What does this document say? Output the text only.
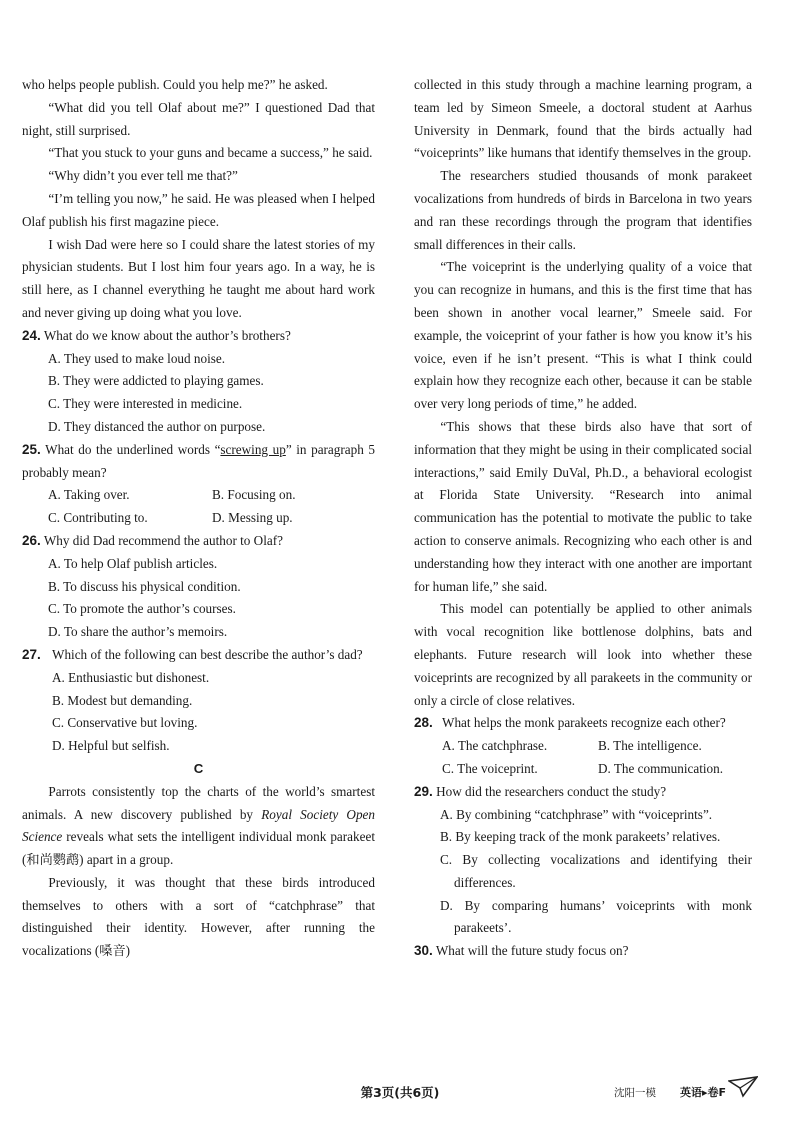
who helps people publish. Could you help me?” he asked.

“What did you tell Olaf about me?” I questioned Dad that night, still surprised.

“That you stuck to your guns and became a success,” he said.

“Why didn’t you ever tell me that?”

“I’m telling you now,” he said. He was pleased when I helped Olaf publish his first magazine piece.

I wish Dad were here so I could share the latest stories of my physician students. But I lost him four years ago. In a way, he is still here, as I channel everything he taught me about hard work and never giving up doing what you love.

24. What do we know about the author’s brothers?
A. They used to make loud noise.
B. They were addicted to playing games.
C. They were interested in medicine.
D. They distanced the author on purpose.
25. What do the underlined words “screwing up” in paragraph 5 probably mean?
A. Taking over.	B. Focusing on.
C. Contributing to.	D. Messing up.
26. Why did Dad recommend the author to Olaf?
A. To help Olaf publish articles.
B. To discuss his physical condition.
C. To promote the author’s courses.
D. To share the author’s memoirs.
27. Which of the following can best describe the author’s dad?
A. Enthusiastic but dishonest.
B. Modest but demanding.
C. Conservative but loving.
D. Helpful but selfish.
C

Parrots consistently top the charts of the world’s smartest animals. A new discovery published by Royal Society Open Science reveals what sets the intelligent individual monk parakeet (和尚鹦鹉) apart in a group.

Previously, it was thought that these birds introduced themselves to others with a sort of “catchphrase” that distinguished their identity. However, after running the vocalizations (嗓音)

collected in this study through a machine learning program, a team led by Simeon Smeele, a doctoral student at Aarhus University in Denmark, found that the birds actually had “voiceprints” like humans that identify themselves in the group.

The researchers studied thousands of monk parakeet vocalizations from hundreds of birds in Barcelona in two years and ran these recordings through the program that identifies small differences in their calls.

“The voiceprint is the underlying quality of a voice that you can recognize in humans, and this is the first time that has been shown in another vocal learner,” Smeele said. For example, the voiceprint of your father is how you know it’s his voice, even if he isn’t present. “This is what I think could explain how they recognize each other, because it can be stable over very long periods of time,” he added.

“This shows that these birds also have that sort of information that they might be using in their complicated social interactions,” said Emily DuVal, Ph.D., a behavioral ecologist at Florida State University. “Research into animal communication has the potential to motivate the public to take action to conserve animals. Recognizing who each other is and understanding how they interact with one another are important for human life,” she said.

This model can potentially be applied to other animals with vocal recognition like bottlenose dolphins, bats and elephants. Future research will look into whether these voiceprints are recognized by all parakeets in the community or only a circle of close relatives.

28. What helps the monk parakeets recognize each other?
A. The catchphrase.	B. The intelligence.
C. The voiceprint.	D. The communication.
29. How did the researchers conduct the study?
A. By combining “catchphrase” with “voiceprints”.
B. By keeping track of the monk parakeets’ relatives.
C. By collecting vocalizations and identifying their differences.
D. By comparing humans’ voiceprints with monk parakeets’.
30. What will the future study focus on?
第3页(共6页)	沈阳一模 英语▸卷F
